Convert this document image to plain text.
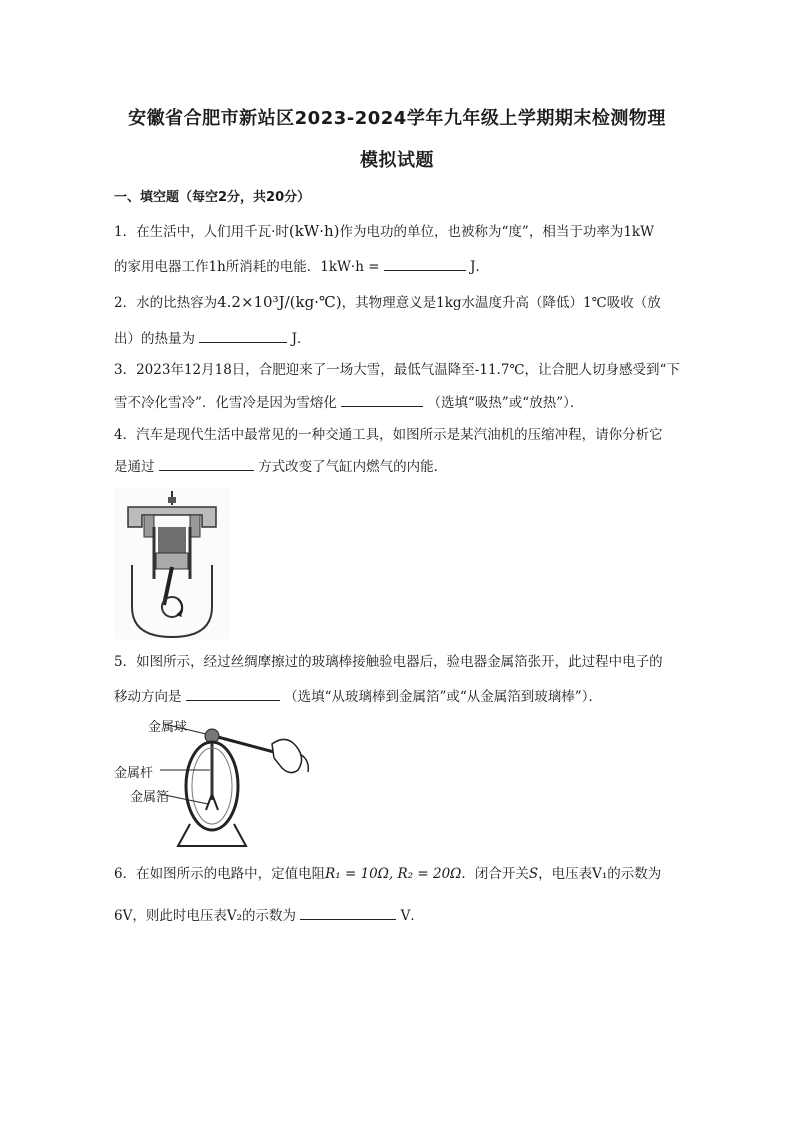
安徽省合肥市新站区2023-2024学年九年级上学期期末检测物理
模拟试题
一、填空题（每空2分，共20分）
1．在生活中，人们用千瓦·时(kW·h)作为电功的单位，也被称为“度”，相当于功率为1kW
的家用电器工作1h所消耗的电能．1kW·h =	J．
2．水的比热容为4.2×10³J/(kg·℃)，其物理意义是1kg水温度升高（降低）1℃吸收（放
出）的热量为	J．
3．2023年12月18日，合肥迎来了一场大雪，最低气温降至-11.7℃，让合肥人切身感受到“下
雪不冷化雪冷”．化雪冷是因为雪熔化	（选填“吸热”或“放热”）．
4．汽车是现代生活中最常见的一种交通工具，如图所示是某汽油机的压缩冲程，请你分析它
是通过	方式改变了气缸内燃气的内能．
5．如图所示，经过丝绸摩擦过的玻璃棒接触验电器后，验电器金属箔张开，此过程中电子的
移动方向是	（选填“从玻璃棒到金属箔”或“从金属箔到玻璃棒”）．
金属球
金属杆
金属箔
6．在如图所示的电路中，定值电阻R₁ = 10Ω, R₂ = 20Ω．闭合开关S，电压表V₁的示数为
6V，则此时电压表V₂的示数为	V．
